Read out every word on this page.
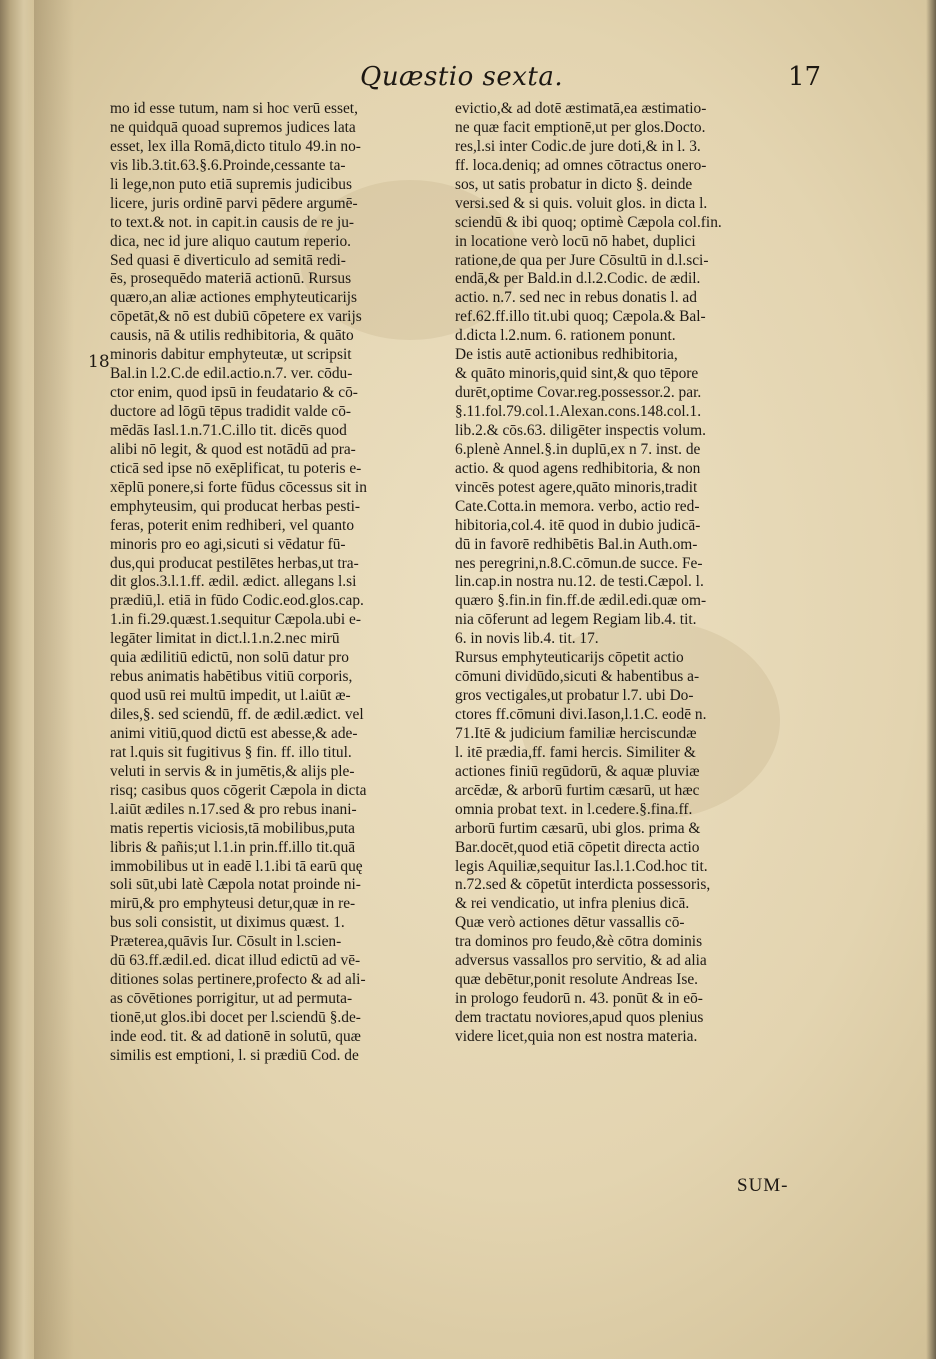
Quæstio sexta.	17
18
mo id esse tutum, nam si hoc verū esset,
ne quidquā quoad supremos judices lata
esset, lex illa Romā,dicto titulo 49.in no-
vis lib.3.tit.63.§.6.Proinde,cessante ta-
li lege,non puto etiā supremis judicibus
licere, juris ordinē parvi pēdere argumē-
to text.& not. in capit.in causis de re ju-
dica, nec id jure aliquo cautum reperio.
Sed quasi ē diverticulo ad semitā redi-
ēs, prosequēdo materiā actionū. Rursus
quæro,an aliæ actiones emphyteuticarijs
cōpetāt,& nō est dubiū cōpetere ex varijs
causis, nā & utilis redhibitoria, & quāto
minoris dabitur emphyteutæ, ut scripsit
Bal.in l.2.C.de edil.actio.n.7. ver. cōdu-
ctor enim, quod ipsū in feudatario & cō-
ductore ad lōgū tēpus tradidit valde cō-
mēdās Iasl.1.n.71.C.illo tit. dicēs quod
alibi nō legit, & quod est notādū ad pra-
cticā sed ipse nō exēplificat, tu poteris e-
xēplū ponere,si forte fūdus cōcessus sit in
emphyteusim, qui producat herbas pesti-
feras, poterit enim redhiberi, vel quanto
minoris pro eo agi,sicuti si vēdatur fū-
dus,qui producat pestilētes herbas,ut tra-
dit glos.3.l.1.ff. ædil. ædict. allegans l.si
prædiū,l. etiā in fūdo Codic.eod.glos.cap.
1.in fi.29.quæst.1.sequitur Cæpola.ubi e-
legāter limitat in dict.l.1.n.2.nec mirū
quia ædilitiū edictū, non solū datur pro
rebus animatis habētibus vitiū corporis,
quod usū rei multū impedit, ut l.aiūt æ-
diles,§. sed sciendū, ff. de ædil.ædict. vel
animi vitiū,quod dictū est abesse,& ade-
rat l.quis sit fugitivus § fin. ff. illo titul.
veluti in servis & in jumētis,& alijs ple-
risq; casibus quos cōgerit Cæpola in dicta
l.aiūt ædiles n.17.sed & pro rebus inani-
matis repertis viciosis,tā mobilibus,puta
libris & pañis;ut l.1.in prin.ff.illo tit.quā
immobilibus ut in eadē l.1.ibi tā earū quę
soli sūt,ubi latè Cæpola notat proinde ni-
mirū,& pro emphyteusi detur,quæ in re-
bus soli consistit, ut diximus quæst. 1.
Præterea,quāvis Iur. Cōsult in l.scien-
dū 63.ff.ædil.ed. dicat illud edictū ad vē-
ditiones solas pertinere,profecto & ad ali-
as cōvētiones porrigitur, ut ad permuta-
tionē,ut glos.ibi docet per l.sciendū §.de-
inde eod. tit. & ad dationē in solutū, quæ
similis est emptioni, l. si prædiū Cod. de
evictio,& ad dotē æstimatā,ea æstimatio-
ne quæ facit emptionē,ut per glos.Docto.
res,l.si inter Codic.de jure doti,& in l. 3.
ff. loca.deniq; ad omnes cōtractus onero-
sos, ut satis probatur in dicto §. deinde
versi.sed & si quis. voluit glos. in dicta l.
sciendū & ibi quoq; optimè Cæpola col.fin.
in locatione verò locū nō habet, duplici
ratione,de qua per Jure Cōsultū in d.l.sci-
endā,& per Bald.in d.l.2.Codic. de ædil.
actio. n.7. sed nec in rebus donatis l. ad
ref.62.ff.illo tit.ubi quoq; Cæpola.& Bal-
d.dicta l.2.num. 6. rationem ponunt.
De istis autē actionibus redhibitoria,
& quāto minoris,quid sint,& quo tēpore
durēt,optime Covar.reg.possessor.2. par.
§.11.fol.79.col.1.Alexan.cons.148.col.1.
lib.2.& cōs.63. diligēter inspectis volum.
6.plenè Annel.§.in duplū,ex n 7. inst. de
actio. & quod agens redhibitoria, & non
vincēs potest agere,quāto minoris,tradit
Cate.Cotta.in memora. verbo, actio red-
hibitoria,col.4. itē quod in dubio judicā-
dū in favorē redhibētis Bal.in Auth.om-
nes peregrini,n.8.C.cōmun.de succe. Fe-
lin.cap.in nostra nu.12. de testi.Cæpol. l.
quæro §.fin.in fin.ff.de ædil.edi.quæ om-
nia cōferunt ad legem Regiam lib.4. tit.
6. in novis lib.4. tit. 17.
Rursus emphyteuticarijs cōpetit actio
cōmuni dividūdo,sicuti & habentibus a-
gros vectigales,ut probatur l.7. ubi Do-
ctores ff.cōmuni divi.Iason,l.1.C. eodē n.
71.Itē & judicium familiæ herciscundæ
l. itē prædia,ff. fami hercis. Similiter &
actiones finiū regūdorū, & aquæ pluviæ
arcēdæ, & arborū furtim cæsarū, ut hæc
omnia probat text. in l.cedere.§.fina.ff.
arborū furtim cæsarū, ubi glos. prima &
Bar.docēt,quod etiā cōpetit directa actio
legis Aquiliæ,sequitur Ias.l.1.Cod.hoc tit.
n.72.sed & cōpetūt interdicta possessoris,
& rei vendicatio, ut infra plenius dicā.
Quæ verò actiones dētur vassallis cō-
tra dominos pro feudo,&è cōtra dominis
adversus vassallos pro servitio, & ad alia
quæ debētur,ponit resolute Andreas Ise.
in prologo feudorū n. 43. ponūt & in eō-
dem tractatu noviores,apud quos plenius
videre licet,quia non est nostra materia.
SUM-
